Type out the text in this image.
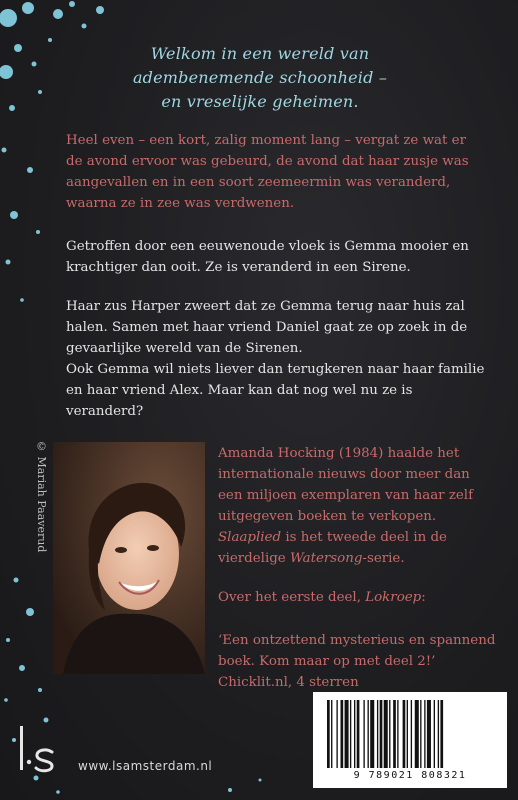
Welkom in een wereld van
adembenemende schoonheid –
en vreselijke geheimen.

Heel even – een kort, zalig moment lang – vergat ze wat er de avond ervoor was gebeurd, de avond dat haar zusje was aangevallen en in een soort zeemeermin was veranderd, waarna ze in zee was verdwenen.

Getroffen door een eeuwenoude vloek is Gemma mooier en krachtiger dan ooit. Ze is veranderd in een Sirene.

Haar zus Harper zweert dat ze Gemma terug naar huis zal halen. Samen met haar vriend Daniel gaat ze op zoek in de gevaarlijke wereld van de Sirenen.

Ook Gemma wil niets liever dan terugkeren naar haar familie en haar vriend Alex. Maar kan dat nog wel nu ze is veranderd?

© Mariah Paaverud	Amanda Hocking (1984) haalde het internationale nieuws door meer dan een miljoen exemplaren van haar zelf uitgegeven boeken te verkopen. Slaaplied is het tweede deel in de vierdelige Watersong-serie.

Over het eerste deel, Lokroep:

‘Een ontzettend mysterieus en spannend boek. Kom maar op met deel 2!’ Chicklit.nl, 4 sterren

www.lsamsterdam.nl
9 789021 808321
